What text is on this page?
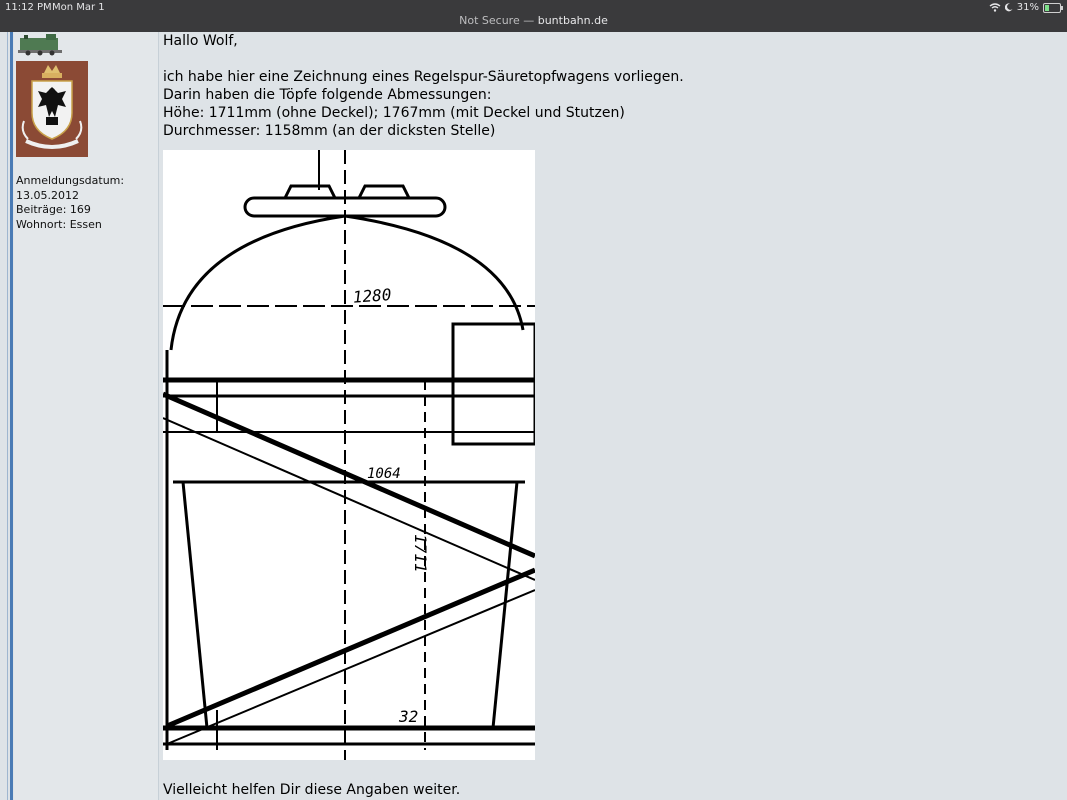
11:12 PM Mon Mar 1
Not Secure — buntbahn.de
31%
Anmeldungsdatum:
13.05.2012
Beiträge: 169
Wohnort: Essen

Hallo Wolf,

ich habe hier eine Zeichnung eines Regelspur-Säuretopfwagens vorliegen.

Darin haben die Töpfe folgende Abmessungen:

Höhe: 1711mm (ohne Deckel); 1767mm (mit Deckel und Stutzen)

Durchmesser: 1158mm (an der dicksten Stelle)

1280
1064
1711
32
Vielleicht helfen Dir diese Angaben weiter.
